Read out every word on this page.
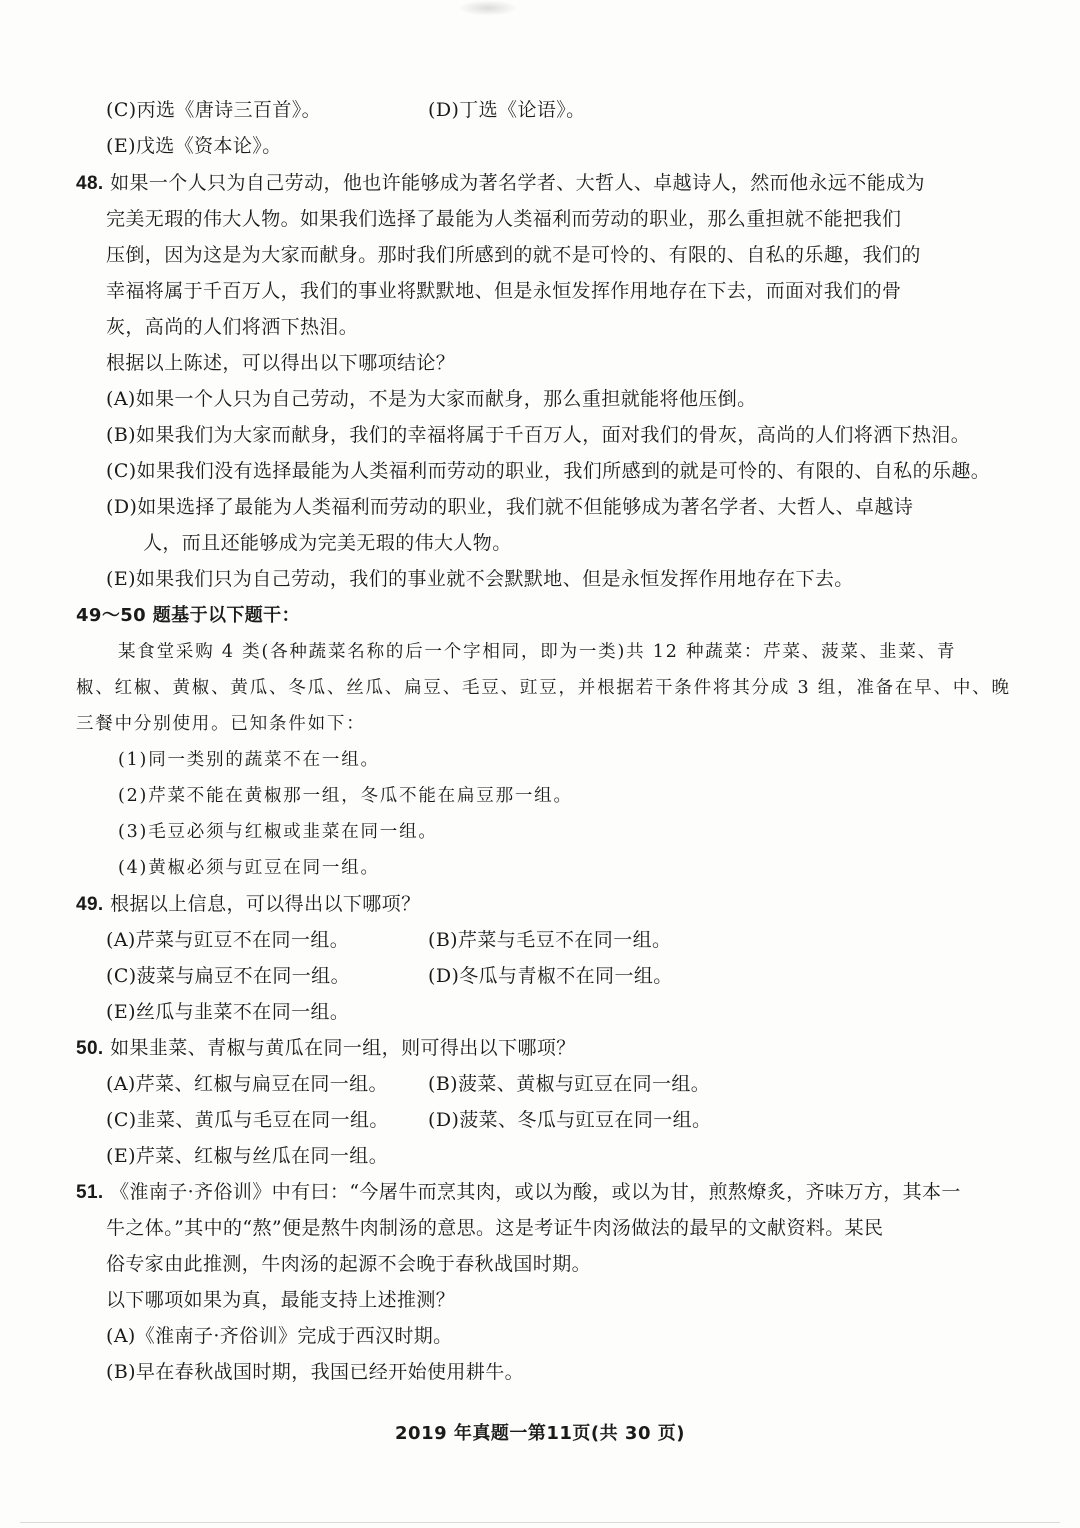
(C)丙选《唐诗三百首》。	(D)丁选《论语》。
(E)戊选《资本论》。
48. 如果一个人只为自己劳动，他也许能够成为著名学者、大哲人、卓越诗人，然而他永远不能成为
完美无瑕的伟大人物。如果我们选择了最能为人类福利而劳动的职业，那么重担就不能把我们
压倒，因为这是为大家而献身。那时我们所感到的就不是可怜的、有限的、自私的乐趣，我们的
幸福将属于千百万人，我们的事业将默默地、但是永恒发挥作用地存在下去，而面对我们的骨
灰，高尚的人们将洒下热泪。
根据以上陈述，可以得出以下哪项结论？
(A)如果一个人只为自己劳动，不是为大家而献身，那么重担就能将他压倒。
(B)如果我们为大家而献身，我们的幸福将属于千百万人，面对我们的骨灰，高尚的人们将洒下热泪。
(C)如果我们没有选择最能为人类福利而劳动的职业，我们所感到的就是可怜的、有限的、自私的乐趣。
(D)如果选择了最能为人类福利而劳动的职业，我们就不但能够成为著名学者、大哲人、卓越诗
人，而且还能够成为完美无瑕的伟大人物。
(E)如果我们只为自己劳动，我们的事业就不会默默地、但是永恒发挥作用地存在下去。
49～50 题基于以下题干：
某食堂采购 4 类(各种蔬菜名称的后一个字相同，即为一类)共 12 种蔬菜：芹菜、菠菜、韭菜、青
椒、红椒、黄椒、黄瓜、冬瓜、丝瓜、扁豆、毛豆、豇豆，并根据若干条件将其分成 3 组，准备在早、中、晚
三餐中分别使用。已知条件如下：
(1)同一类别的蔬菜不在一组。
(2)芹菜不能在黄椒那一组，冬瓜不能在扁豆那一组。
(3)毛豆必须与红椒或韭菜在同一组。
(4)黄椒必须与豇豆在同一组。
49. 根据以上信息，可以得出以下哪项？
(A)芹菜与豇豆不在同一组。	(B)芹菜与毛豆不在同一组。
(C)菠菜与扁豆不在同一组。	(D)冬瓜与青椒不在同一组。
(E)丝瓜与韭菜不在同一组。
50. 如果韭菜、青椒与黄瓜在同一组，则可得出以下哪项？
(A)芹菜、红椒与扁豆在同一组。 (B)菠菜、黄椒与豇豆在同一组。
(C)韭菜、黄瓜与毛豆在同一组。 (D)菠菜、冬瓜与豇豆在同一组。
(E)芹菜、红椒与丝瓜在同一组。
51. 《淮南子·齐俗训》中有曰：“今屠牛而烹其肉，或以为酸，或以为甘，煎熬燎炙，齐味万方，其本一
牛之体。”其中的“熬”便是熬牛肉制汤的意思。这是考证牛肉汤做法的最早的文献资料。某民
俗专家由此推测，牛肉汤的起源不会晚于春秋战国时期。
以下哪项如果为真，最能支持上述推测？
(A)《淮南子·齐俗训》完成于西汉时期。
(B)早在春秋战国时期，我国已经开始使用耕牛。
2019 年真题一第11页(共 30 页)
